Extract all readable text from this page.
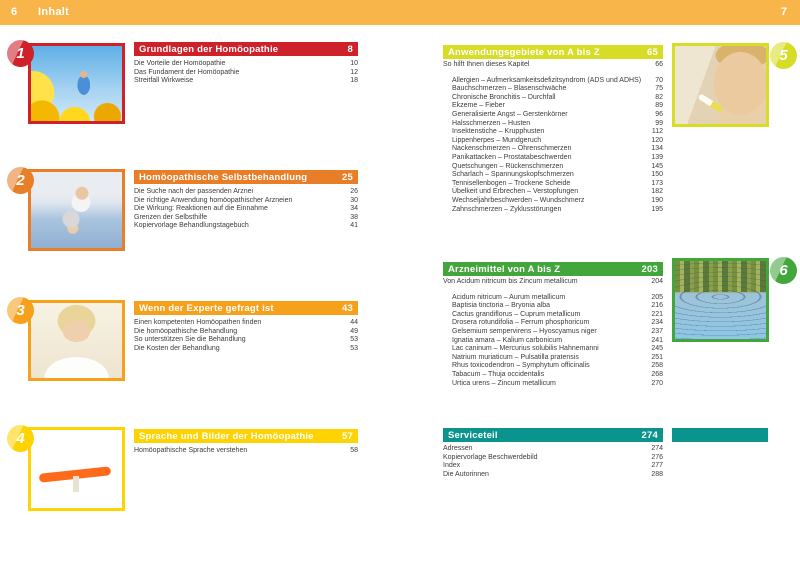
6 Inhalt	7
1	Grundlagen der Homöopathie	8
Die Vorteile der Homöopathie	10
Das Fundament der Homöopathie	12
Streitfall Wirkweise	18
2	Homöopathische Selbstbehandlung	25
Die Suche nach der passenden Arznei	26
Die richtige Anwendung homöopathischer Arzneien	30
Die Wirkung: Reaktionen auf die Einnahme	34
Grenzen der Selbsthilfe	38
Kopiervorlage Behandlungstagebuch	41
3	Wenn der Experte gefragt ist	43
Einen kompetenten Homöopathen finden	44
Die homöopathische Behandlung	49
So unterstützen Sie die Behandlung	53
Die Kosten der Behandlung	53
4	Sprache und Bilder der Homöopathie	57
Homöopathische Sprache verstehen	58
5
Anwendungsgebiete von A bis Z	65
So hilft Ihnen dieses Kapitel	66
Allergien – Aufmerksamkeitsdefizitsyndrom (ADS und ADHS)	70
Bauchschmerzen – Blasenschwäche	75
Chronische Bronchitis – Durchfall	82
Ekzeme – Fieber	89
Generalisierte Angst – Gerstenkörner	96
Halsschmerzen – Husten	99
Insektenstiche – Krupphusten	112
Lippenherpes – Mundgeruch	120
Nackenschmerzen – Ohrenschmerzen	134
Panikattacken – Prostatabeschwerden	139
Quetschungen – Rückenschmerzen	145
Scharlach – Spannungskopfschmerzen	150
Tennisellenbogen – Trockene Scheide	173
Übelkeit und Erbrechen – Verstopfungen	182
Wechseljahrbeschwerden – Wundschmerz	190
Zahnschmerzen – Zyklusstörungen	195
6
Arzneimittel von A bis Z	203
Von Acidum nitricum bis Zincum metallicum	204
Acidum nitricum – Aurum metallicum	205
Baptisia tinctoria – Bryonia alba	216
Cactus grandiflorus – Cuprum metallicum	221
Drosera rotundifolia – Ferrum phosphoricum	234
Gelsemium sempervirens – Hyoscyamus niger	237
Ignatia amara – Kalium carbonicum	241
Lac caninum – Mercurius solubilis Hahnemanni	245
Natrium muriaticum – Pulsatilla pratensis	251
Rhus toxicodendron – Symphytum officinalis	258
Tabacum – Thuja occidentalis	268
Urtica urens – Zincum metallicum	270
Serviceteil	274
Adressen	274
Kopiervorlage Beschwerdebild	276
Index	277
Die Autorinnen	288
